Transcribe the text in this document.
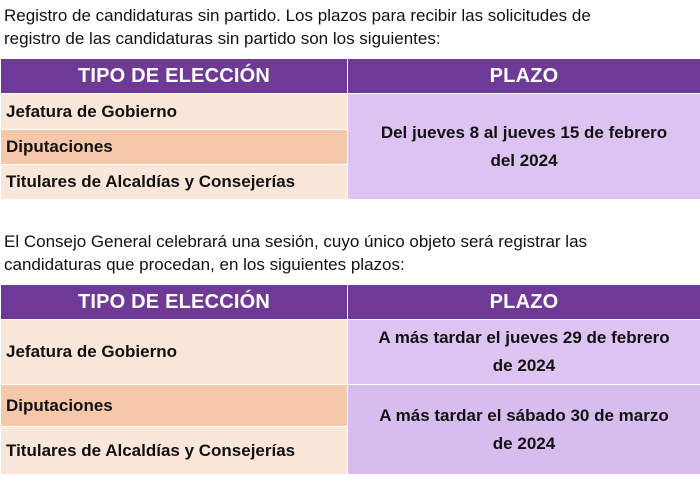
Registro de candidaturas sin partido. Los plazos para recibir las solicitudes de
registro de las candidaturas sin partido son los siguientes:
TIPO DE ELECCIÓN	PLAZO
Jefatura de Gobierno	Del jueves 8 al jueves 15 de febrero
del 2024
Diputaciones	
Titulares de Alcaldías y Consejerías	
El Consejo General celebrará una sesión, cuyo único objeto será registrar las
candidaturas que procedan, en los siguientes plazos:
TIPO DE ELECCIÓN	PLAZO
Jefatura de Gobierno	A más tardar el jueves 29 de febrero
de 2024
Diputaciones	A más tardar el sábado 30 de marzo
de 2024
Titulares de Alcaldías y Consejerías	
